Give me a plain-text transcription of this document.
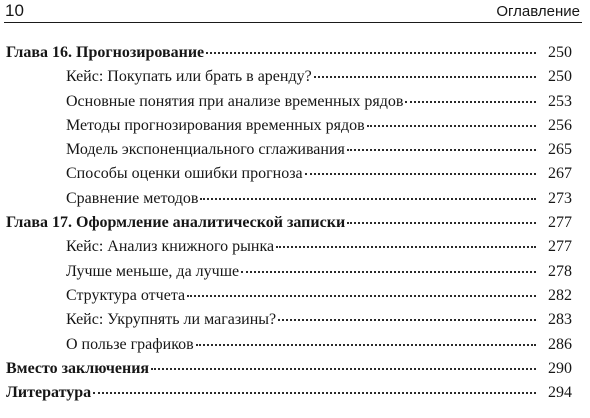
10	Оглавление
Глава 16. Прогнозирование	250
Кейс: Покупать или брать в аренду?	250
Основные понятия при анализе временных рядов	253
Методы прогнозирования временных рядов	256
Модель экспоненциального сглаживания	265
Способы оценки ошибки прогноза	267
Сравнение методов	273
Глава 17. Оформление аналитической записки	277
Кейс: Анализ книжного рынка	277
Лучше меньше, да лучше	278
Структура отчета	282
Кейс: Укрупнять ли магазины?	283
О пользе графиков	286
Вместо заключения	290
Литература	294
